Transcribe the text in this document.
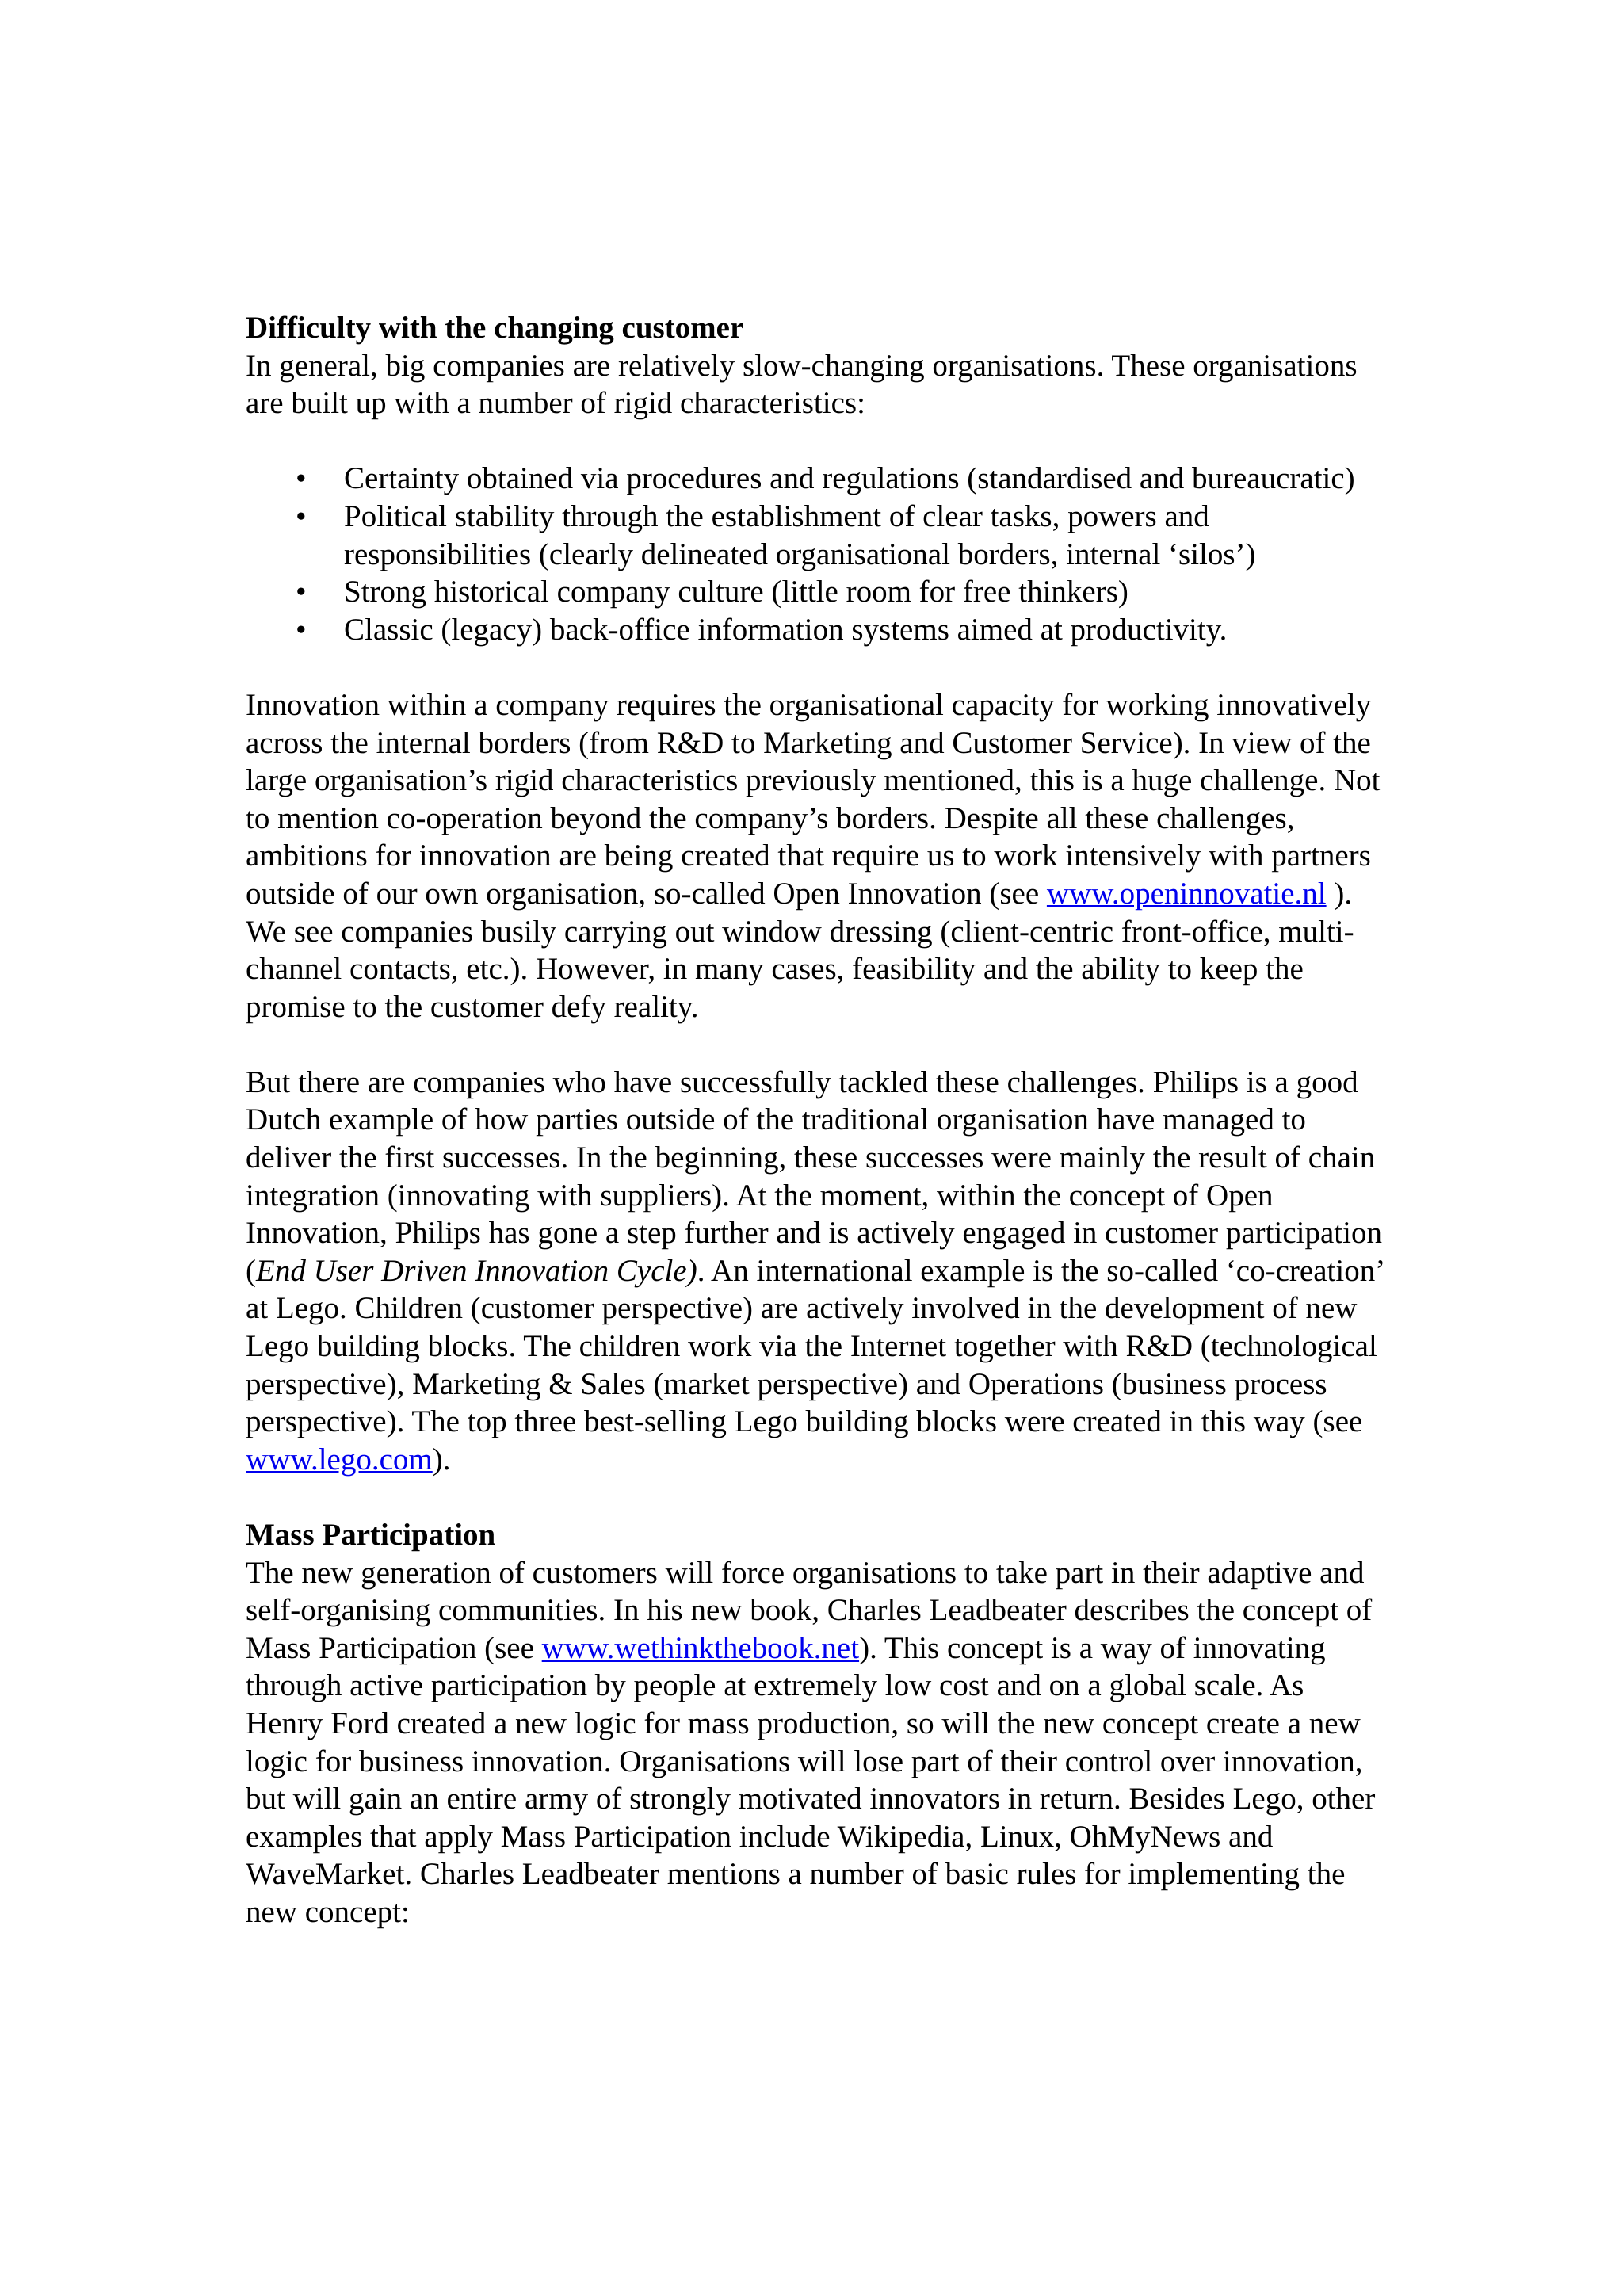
Difficulty with the changing customer

In general, big companies are relatively slow-changing organisations. These organisations are built up with a number of rigid characteristics:

• Certainty obtained via procedures and regulations (standardised and bureaucratic)
• Political stability through the establishment of clear tasks, powers and responsibilities (clearly delineated organisational borders, internal ‘silos’)
• Strong historical company culture (little room for free thinkers)
• Classic (legacy) back-office information systems aimed at productivity.

Innovation within a company requires the organisational capacity for working innovatively across the internal borders (from R&D to Marketing and Customer Service). In view of the large organisation’s rigid characteristics previously mentioned, this is a huge challenge. Not to mention co-operation beyond the company’s borders. Despite all these challenges, ambitions for innovation are being created that require us to work intensively with partners outside of our own organisation, so-called Open Innovation (see www.openinnovatie.nl ). We see companies busily carrying out window dressing (client-centric front-office, multi-channel contacts, etc.). However, in many cases, feasibility and the ability to keep the promise to the customer defy reality.

But there are companies who have successfully tackled these challenges. Philips is a good Dutch example of how parties outside of the traditional organisation have managed to deliver the first successes. In the beginning, these successes were mainly the result of chain integration (innovating with suppliers). At the moment, within the concept of Open Innovation, Philips has gone a step further and is actively engaged in customer participation (End User Driven Innovation Cycle). An international example is the so-called ‘co-creation’ at Lego. Children (customer perspective) are actively involved in the development of new Lego building blocks. The children work via the Internet together with R&D (technological perspective), Marketing & Sales (market perspective) and Operations (business process perspective). The top three best-selling Lego building blocks were created in this way (see www.lego.com).

Mass Participation

The new generation of customers will force organisations to take part in their adaptive and self-organising communities. In his new book, Charles Leadbeater describes the concept of Mass Participation (see www.wethinkthebook.net). This concept is a way of innovating through active participation by people at extremely low cost and on a global scale. As Henry Ford created a new logic for mass production, so will the new concept create a new logic for business innovation. Organisations will lose part of their control over innovation, but will gain an entire army of strongly motivated innovators in return. Besides Lego, other examples that apply Mass Participation include Wikipedia, Linux, OhMyNews and WaveMarket. Charles Leadbeater mentions a number of basic rules for implementing the new concept:
